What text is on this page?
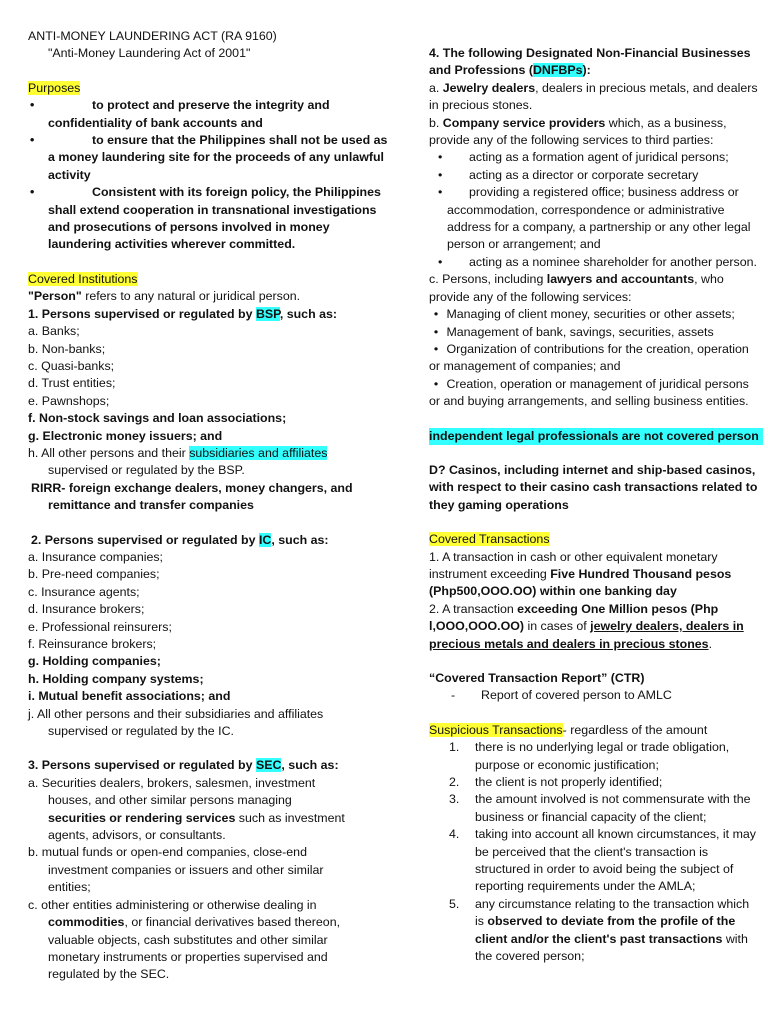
ANTI-MONEY LAUNDERING ACT (RA 9160)

"Anti-Money Laundering Act of 2001"

Purposes

•	to protect and preserve the integrity and confidentiality of bank accounts and
•	to ensure that the Philippines shall not be used as a money laundering site for the proceeds of any unlawful activity
•	Consistent with its foreign policy, the Philippines shall extend cooperation in transnational investigations and prosecutions of persons involved in money laundering activities wherever committed.

Covered Institutions

"Person" refers to any natural or juridical person.

1. Persons supervised or regulated by BSP, such as:

a. Banks;

b. Non-banks;

c. Quasi-banks;

d. Trust entities;

e. Pawnshops;

f. Non-stock savings and loan associations;

g. Electronic money issuers; and

h. All other persons and their subsidiaries and affiliates

supervised or regulated by the BSP.

RIRR- foreign exchange dealers, money changers, and

remittance and transfer companies

2. Persons supervised or regulated by IC, such as:

a. Insurance companies;

b. Pre-need companies;

c. Insurance agents;

d. Insurance brokers;

e. Professional reinsurers;

f. Reinsurance brokers;

g. Holding companies;

h. Holding company systems;

i. Mutual benefit associations; and

j. All other persons and their subsidiaries and affiliates

supervised or regulated by the IC.

3. Persons supervised or regulated by SEC, such as:

a. Securities dealers, brokers, salesmen, investment

houses, and other similar persons managing

securities or rendering services such as investment

agents, advisors, or consultants.

b. mutual funds or open-end companies, close-end

investment companies or issuers and other similar

entities;

c. other entities administering or otherwise dealing in

commodities, or financial derivatives based thereon,

valuable objects, cash substitutes and other similar

monetary instruments or properties supervised and

regulated by the SEC.

4. The following Designated Non-Financial Businesses and Professions (DNFBPs):

a. Jewelry dealers, dealers in precious metals, and dealers in precious stones.

b. Company service providers which, as a business, provide any of the following services to third parties:

• acting as a formation agent of juridical persons;
• acting as a director or corporate secretary
• providing a registered office; business address or accommodation, correspondence or administrative address for a company, a partnership or any other legal person or arrangement; and
• acting as a nominee shareholder for another person.

c. Persons, including lawyers and accountants, who provide any of the following services:

• Managing of client money, securities or other assets;
• Management of bank, savings, securities, assets
• Organization of contributions for the creation, operation or management of companies; and
• Creation, operation or management of juridical persons or and buying arrangements, and selling business entities.

independent legal professionals are not covered person

D? Casinos, including internet and ship-based casinos, with respect to their casino cash transactions related to they gaming operations

Covered Transactions

1. A transaction in cash or other equivalent monetary instrument exceeding Five Hundred Thousand pesos (Php500,OOO.OO) within one banking day

2. A transaction exceeding One Million pesos (Php l,OOO,OOO.OO) in cases of jewelry dealers, dealers in precious metals and dealers in precious stones.

“Covered Transaction Report” (CTR)

- Report of covered person to AMLC

Suspicious Transactions- regardless of the amount

1. there is no underlying legal or trade obligation, purpose or economic justification;
2. the client is not properly identified;
3. the amount involved is not commensurate with the business or financial capacity of the client;
4. taking into account all known circumstances, it may be perceived that the client's transaction is structured in order to avoid being the subject of reporting requirements under the AMLA;
5. any circumstance relating to the transaction which is observed to deviate from the profile of the client and/or the client's past transactions with the covered person;
